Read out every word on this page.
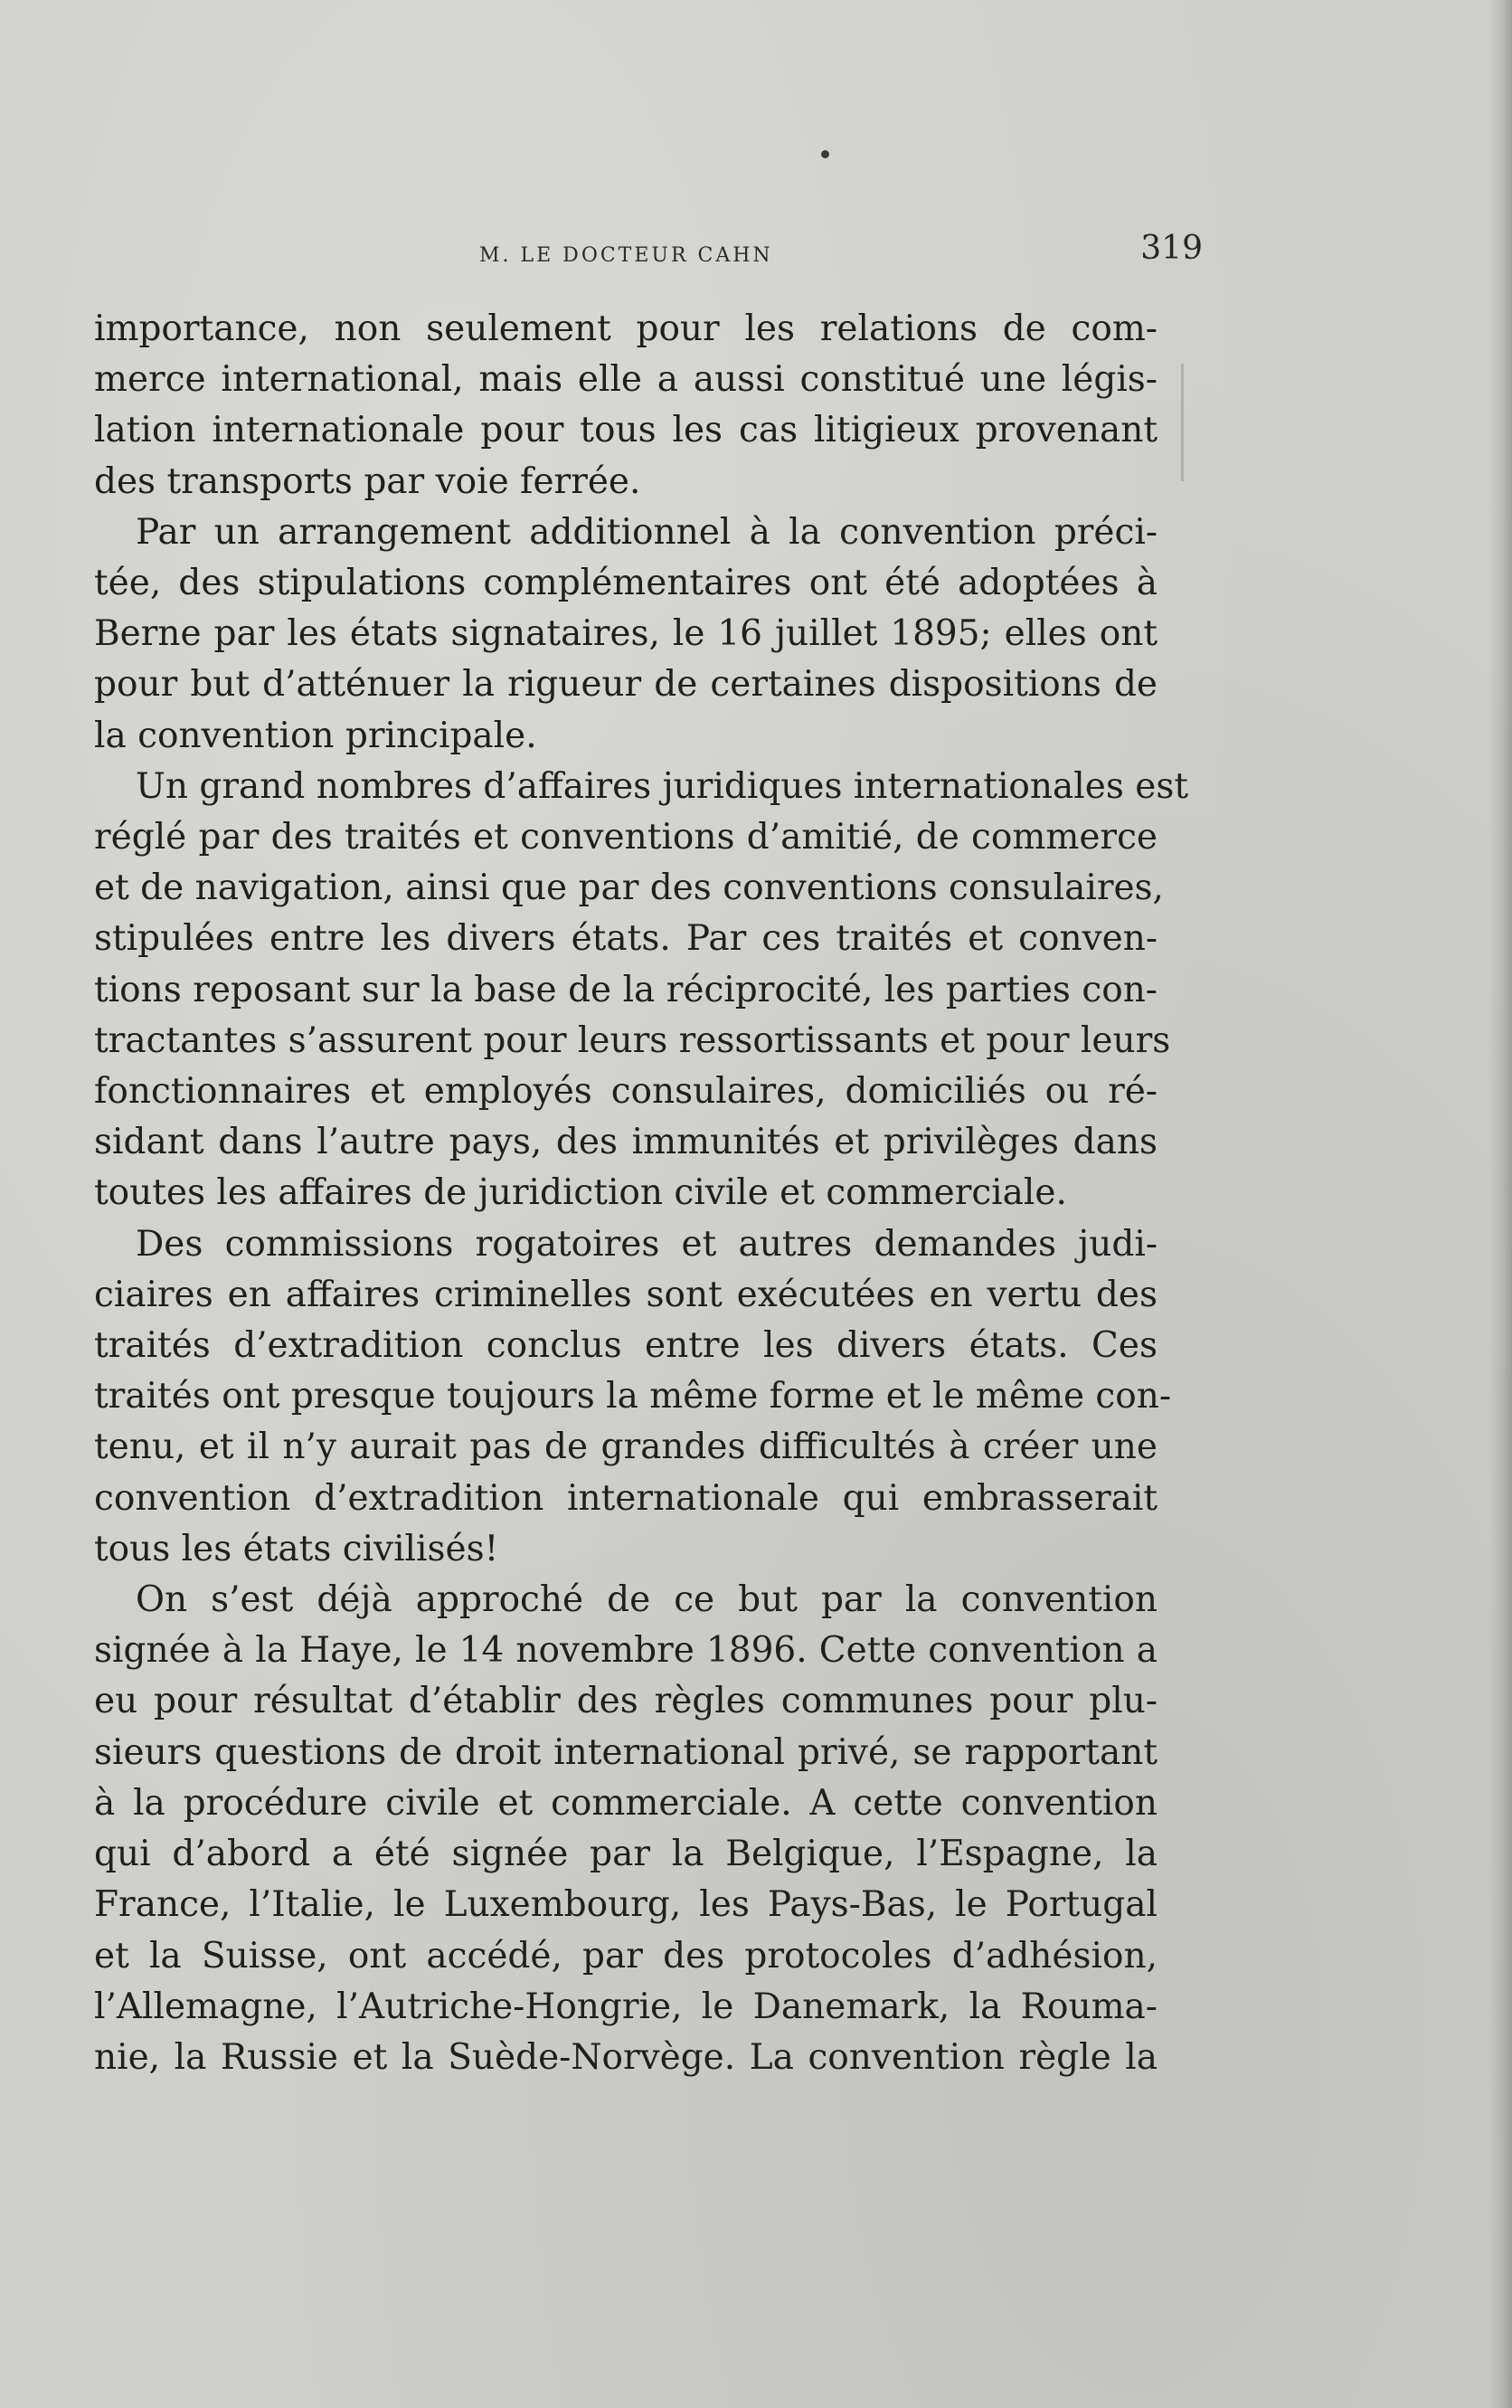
M. LE DOCTEUR CAHN	319
importance, non seulement pour les relations de com-
merce international, mais elle a aussi constitué une légis-
lation internationale pour tous les cas litigieux provenant
des transports par voie ferrée.
Par un arrangement additionnel à la convention préci-
tée, des stipulations complémentaires ont été adoptées à
Berne par les états signataires, le 16 juillet 1895; elles ont
pour but d’atténuer la rigueur de certaines dispositions de
la convention principale.
Un grand nombres d’affaires juridiques internationales est
réglé par des traités et conventions d’amitié, de commerce
et de navigation, ainsi que par des conventions consulaires,
stipulées entre les divers états. Par ces traités et conven-
tions reposant sur la base de la réciprocité, les parties con-
tractantes s’assurent pour leurs ressortissants et pour leurs
fonctionnaires et employés consulaires, domiciliés ou ré-
sidant dans l’autre pays, des immunités et privilèges dans
toutes les affaires de juridiction civile et commerciale.
Des commissions rogatoires et autres demandes judi-
ciaires en affaires criminelles sont exécutées en vertu des
traités d’extradition conclus entre les divers états. Ces
traités ont presque toujours la même forme et le même con-
tenu, et il n’y aurait pas de grandes difficultés à créer une
convention d’extradition internationale qui embrasserait
tous les états civilisés!
On s’est déjà approché de ce but par la convention
signée à la Haye, le 14 novembre 1896. Cette convention a
eu pour résultat d’établir des règles communes pour plu-
sieurs questions de droit international privé, se rapportant
à la procédure civile et commerciale. A cette convention
qui d’abord a été signée par la Belgique, l’Espagne, la
France, l’Italie, le Luxembourg, les Pays-Bas, le Portugal
et la Suisse, ont accédé, par des protocoles d’adhésion,
l’Allemagne, l’Autriche-Hongrie, le Danemark, la Rouma-
nie, la Russie et la Suède-Norvège. La convention règle la
